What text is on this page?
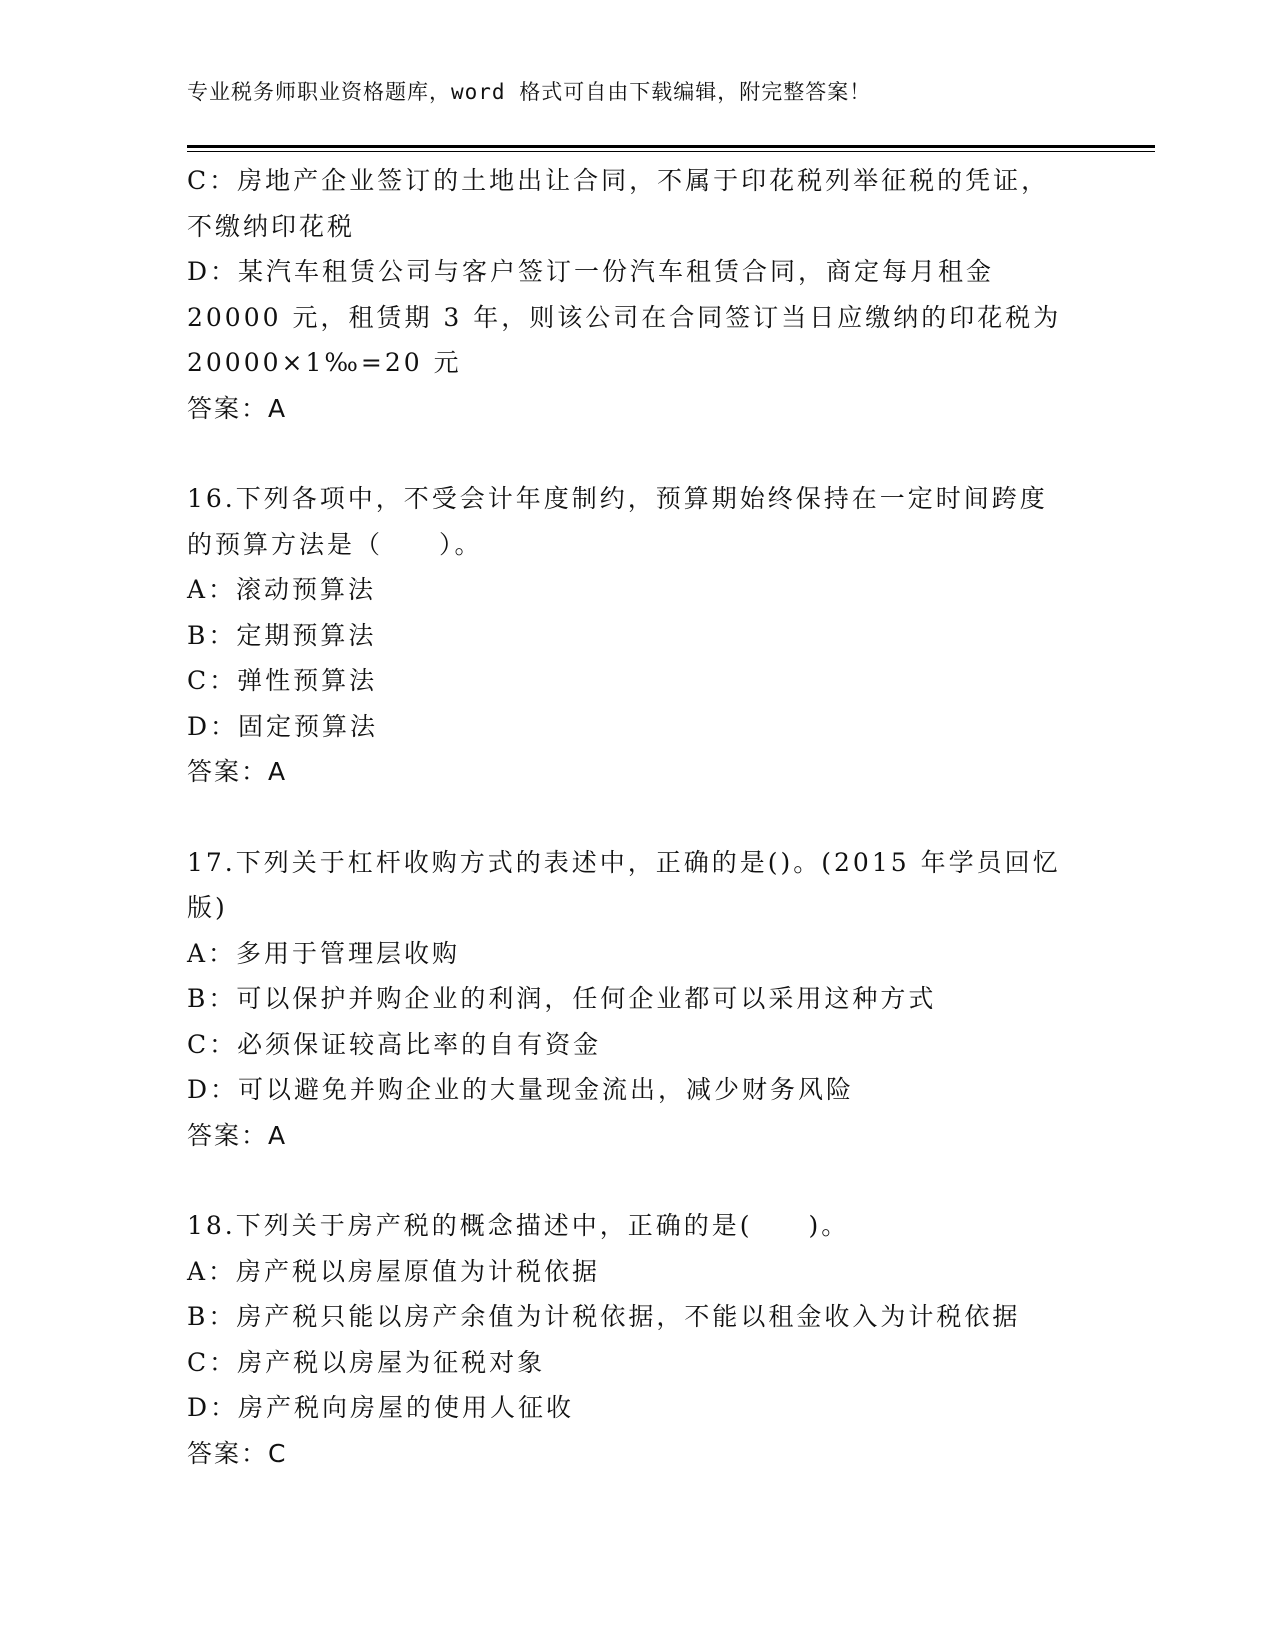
专业税务师职业资格题库，word 格式可自由下载编辑，附完整答案！
C：房地产企业签订的土地出让合同，不属于印花税列举征税的凭证，
不缴纳印花税
D：某汽车租赁公司与客户签订一份汽车租赁合同，商定每月租金
20000 元，租赁期 3 年，则该公司在合同签订当日应缴纳的印花税为
20000×1‰=20 元
答案：A
16.下列各项中，不受会计年度制约，预算期始终保持在一定时间跨度
的预算方法是（　　）。
A：滚动预算法
B：定期预算法
C：弹性预算法
D：固定预算法
答案：A
17.下列关于杠杆收购方式的表述中，正确的是()。(2015 年学员回忆
版)
A：多用于管理层收购
B：可以保护并购企业的利润，任何企业都可以采用这种方式
C：必须保证较高比率的自有资金
D：可以避免并购企业的大量现金流出，减少财务风险
答案：A
18.下列关于房产税的概念描述中，正确的是(　　)。
A：房产税以房屋原值为计税依据
B：房产税只能以房产余值为计税依据，不能以租金收入为计税依据
C：房产税以房屋为征税对象
D：房产税向房屋的使用人征收
答案：C
